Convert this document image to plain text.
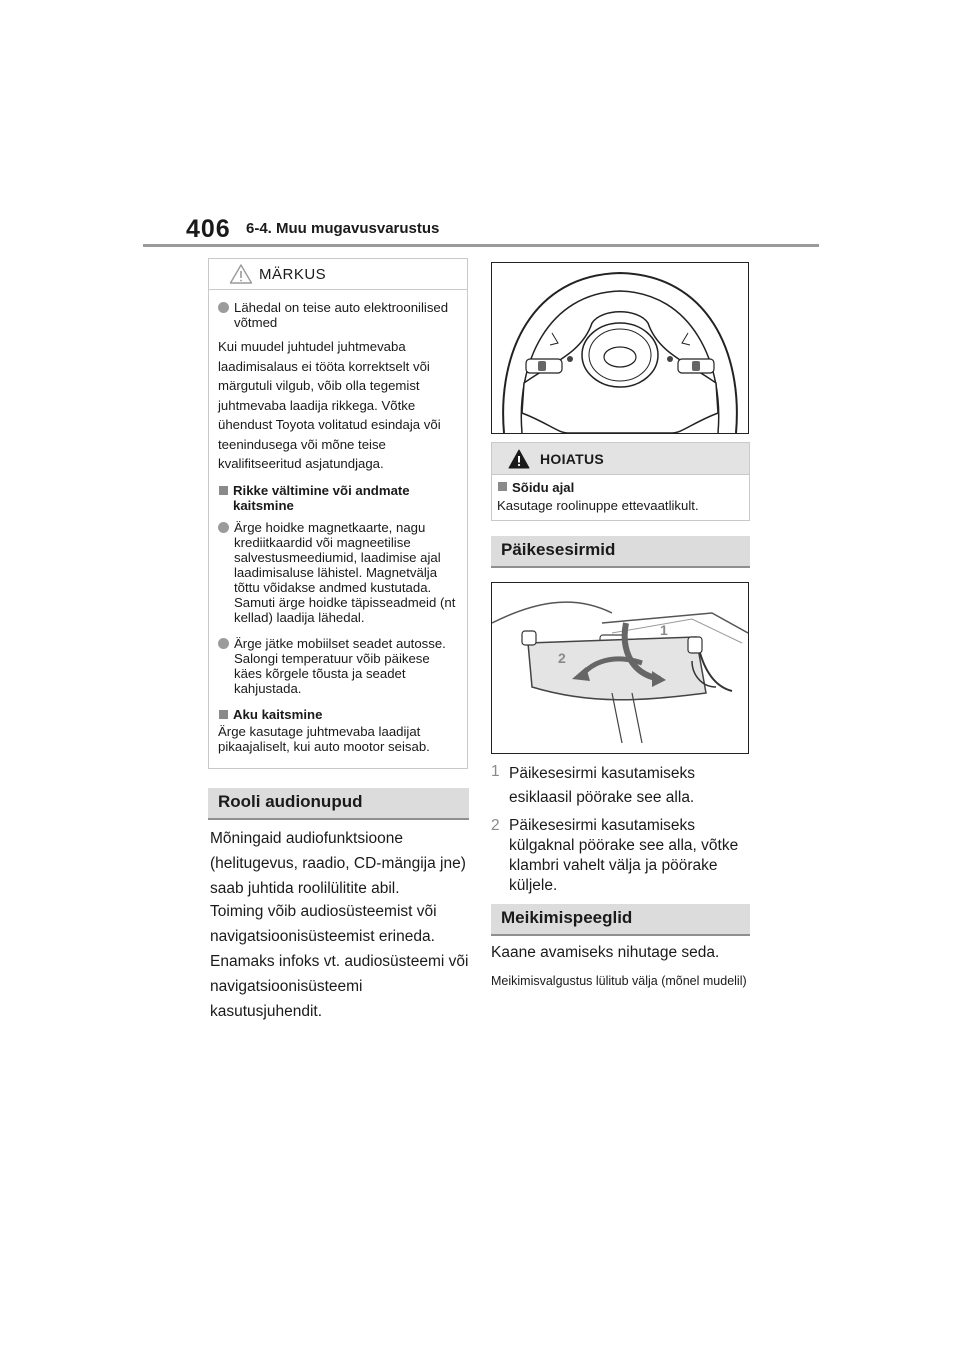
406 6-4. Muu mugavusvarustus
MÄRKUS
Lähedal on teise auto elektroonilised võtmed
Kui muudel juhtudel juhtmevaba laadimisalaus ei tööta korrektselt või märgutuli vilgub, võib olla tegemist juhtmevaba laadija rikkega. Võtke ühendust Toyota volitatud esindaja või teenindusega või mõne teise kvalifitseeritud asjatundjaga.
Rikke vältimine või andmate kaitsmine
Ärge hoidke magnetkaarte, nagu krediitkaardid või magneetilise salvestusmeediumid, laadimise ajal laadimisaluse lähistel. Magnetvälja tõttu võidakse andmed kustutada. Samuti ärge hoidke täpisseadmeid (nt kellad) laadija lähedal.
Ärge jätke mobiilset seadet autosse. Salongi temperatuur võib päikese käes kõrgele tõusta ja seadet kahjustada.
Aku kaitsmine
Ärge kasutage juhtmevaba laadijat pikaajaliselt, kui auto mootor seisab.
Rooli audionupud
Mõningaid audiofunktsioone (helitugevus, raadio, CD-mängija jne) saab juhtida roolilülitite abil.
Toiming võib audiosüsteemist või navigatsioonisüsteemist erineda. Enamaks infoks vt. audiosüsteemi või navigatsioonisüsteemi kasutusjuhendit.
HOIATUS
Sõidu ajal
Kasutage roolinuppe ettevaatlikult.
Päikesesirmid
1
2
1 Päikesesirmi kasutamiseks esiklaasil pöörake see alla.
2 Päikesesirmi kasutamiseks külgaknal pöörake see alla, võtke klambri vahelt välja ja pöörake küljele.
Meikimispeeglid
Kaane avamiseks nihutage seda.
Meikimisvalgustus lülitub välja (mõnel mudelil)
